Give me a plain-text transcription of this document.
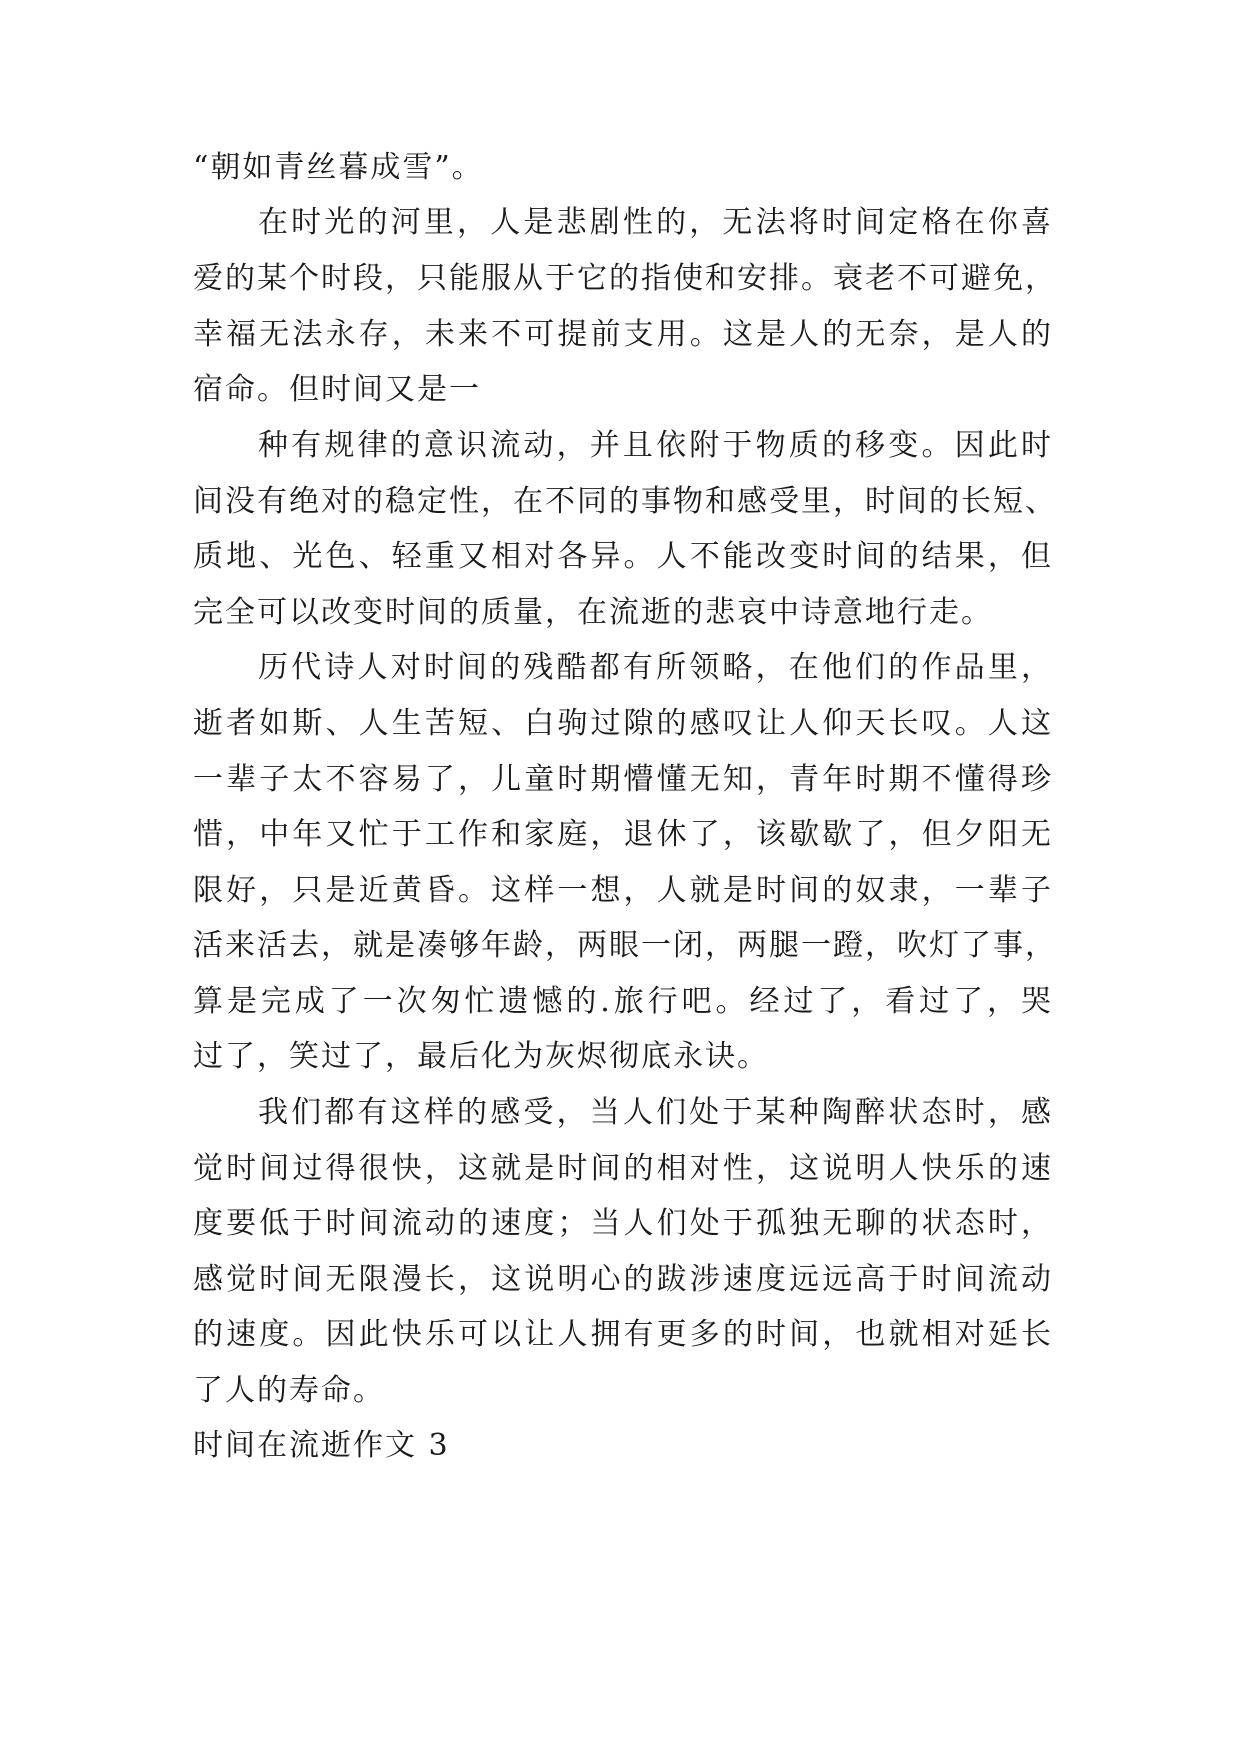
“朝如青丝暮成雪”。
在时光的河里，人是悲剧性的，无法将时间定格在你喜
爱的某个时段，只能服从于它的指使和安排。衰老不可避免，
幸福无法永存，未来不可提前支用。这是人的无奈，是人的
宿命。但时间又是一
种有规律的意识流动，并且依附于物质的移变。因此时
间没有绝对的稳定性，在不同的事物和感受里，时间的长短、
质地、光色、轻重又相对各异。人不能改变时间的结果，但
完全可以改变时间的质量，在流逝的悲哀中诗意地行走。
历代诗人对时间的残酷都有所领略，在他们的作品里，
逝者如斯、人生苦短、白驹过隙的感叹让人仰天长叹。人这
一辈子太不容易了，儿童时期懵懂无知，青年时期不懂得珍
惜，中年又忙于工作和家庭，退休了，该歇歇了，但夕阳无
限好，只是近黄昏。这样一想，人就是时间的奴隶，一辈子
活来活去，就是凑够年龄，两眼一闭，两腿一蹬，吹灯了事，
算是完成了一次匆忙遗憾的.旅行吧。经过了，看过了，哭
过了，笑过了，最后化为灰烬彻底永诀。
我们都有这样的感受，当人们处于某种陶醉状态时，感
觉时间过得很快，这就是时间的相对性，这说明人快乐的速
度要低于时间流动的速度；当人们处于孤独无聊的状态时，
感觉时间无限漫长，这说明心的跋涉速度远远高于时间流动
的速度。因此快乐可以让人拥有更多的时间，也就相对延长
了人的寿命。
时间在流逝作文 3
